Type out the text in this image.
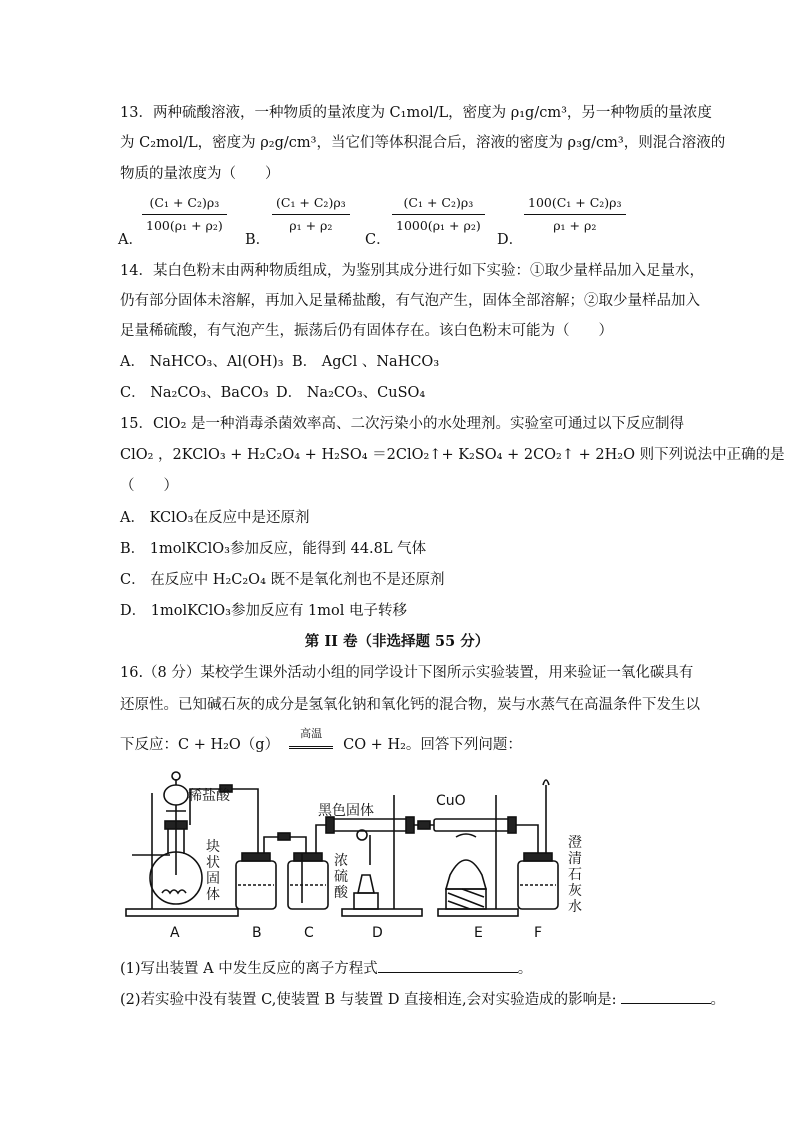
13．两种硫酸溶液，一种物质的量浓度为 C₁mol/L，密度为 ρ₁g/cm³，另一种物质的量浓度
为 C₂mol/L，密度为 ρ₂g/cm³，当它们等体积混合后，溶液的密度为 ρ₃g/cm³，则混合溶液的
物质的量浓度为（　　）
A．
$\frac{\text{(C₁ + C₂)ρ₃}}{\text{100(ρ₁ + ρ₂)}}$
B．
$\frac{\text{(C₁ + C₂)ρ₃}}{\text{ρ₁ + ρ₂}}$
C．
$\frac{\text{(C₁ + C₂)ρ₃}}{\text{1000(ρ₁ + ρ₂)}}$
D．
$\frac{\text{100(C₁ + C₂)ρ₃}}{\text{ρ₁ + ρ₂}}$
14．某白色粉末由两种物质组成，为鉴别其成分进行如下实验：①取少量样品加入足量水，
仍有部分固体未溶解，再加入足量稀盐酸，有气泡产生，固体全部溶解；②取少量样品加入
足量稀硫酸，有气泡产生，振荡后仍有固体存在。该白色粉末可能为（　　）
A． NaHCO₃、Al(OH)₃ B． AgCl 、NaHCO₃
C． Na₂CO₃、BaCO₃ D． Na₂CO₃、CuSO₄
15．ClO₂ 是一种消毒杀菌效率高、二次污染小的水处理剂。实验室可通过以下反应制得
ClO₂ ，2KClO₃ + H₂C₂O₄ + H₂SO₄ ＝2ClO₂↑+ K₂SO₄ + 2CO₂↑ + 2H₂O 则下列说法中正确的是
（　　）
A． KClO₃在反应中是还原剂
B． 1molKClO₃参加反应，能得到 44.8L 气体
C． 在反应中 H₂C₂O₄ 既不是氧化剂也不是还原剂
D． 1molKClO₃参加反应有 1mol 电子转移
第 II 卷（非选择题 55 分）
16.（8 分）某校学生课外活动小组的同学设计下图所示实验装置，用来验证一氧化碳具有
还原性。已知碱石灰的成分是氢氧化钠和氧化钙的混合物，炭与水蒸气在高温条件下发生以
下反应：C + H₂O（g）
高温
CO + H₂。回答下列问题：
稀盐酸
块
状
固
体
黑色固体
浓
硫
酸
CuO
澄
清
石
灰
水
A	B	C	D	E	F
(1)写出装置 A 中发生反应的离子方程式	。
(2)若实验中没有装置 C,使装置 B 与装置 D 直接相连,会对实验造成的影响是:	。
